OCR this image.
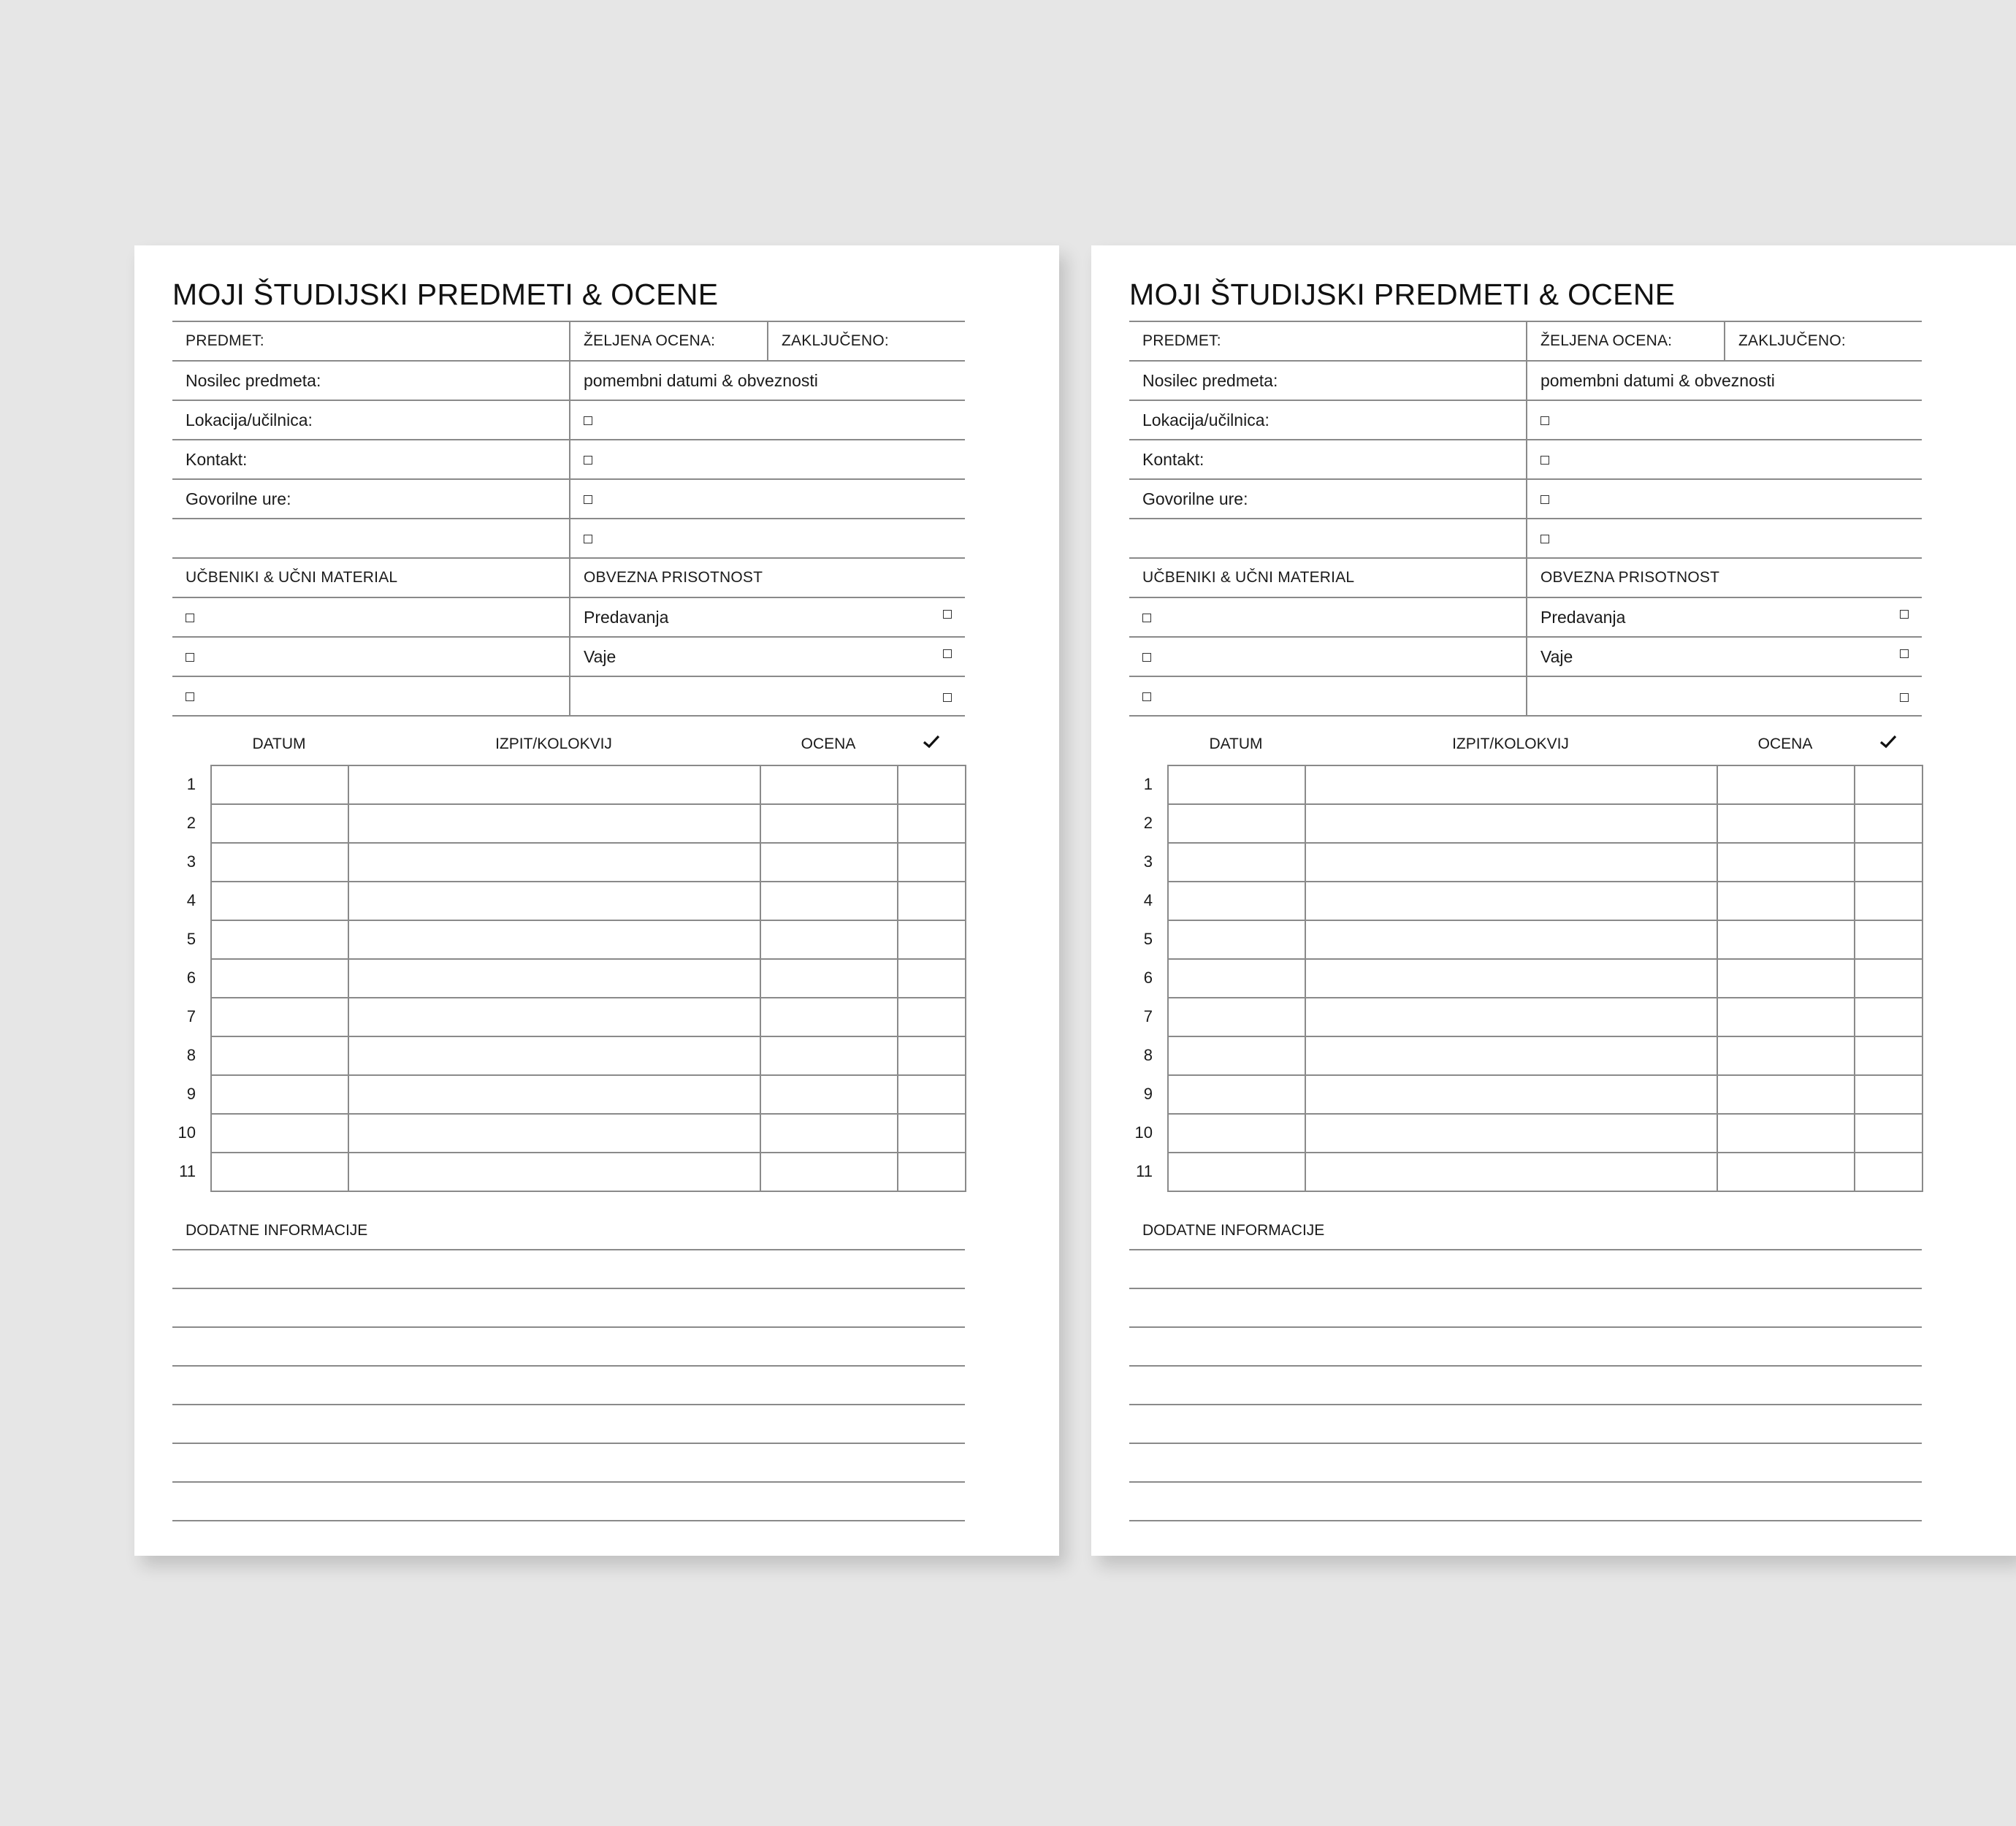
MOJI ŠTUDIJSKI PREDMETI & OCENE
PREDMET:	ŽELJENA OCENA:	ZAKLJUČENO:
Nosilec predmeta:	pomembni datumi & obveznosti	
Lokacija/učilnica:		
Kontakt:		
Govorilne ure:		

UČBENIKI & UČNI MATERIAL	OBVEZNA PRISOTNOST	
	Predavanja	

	Vaje	

DATUM	IZPIT/KOLOKVIJ	OCENA
1
2
3
4
5
6
7
8
9
10
11

DODATNE INFORMACIJE
MOJI ŠTUDIJSKI PREDMETI & OCENE
PREDMET:	ŽELJENA OCENA:	ZAKLJUČENO:
Nosilec predmeta:	pomembni datumi & obveznosti	
Lokacija/učilnica:		
Kontakt:		
Govorilne ure:		

UČBENIKI & UČNI MATERIAL	OBVEZNA PRISOTNOST	
	Predavanja	

	Vaje	

DATUM	IZPIT/KOLOKVIJ	OCENA
1
2
3
4
5
6
7
8
9
10
11

DODATNE INFORMACIJE
